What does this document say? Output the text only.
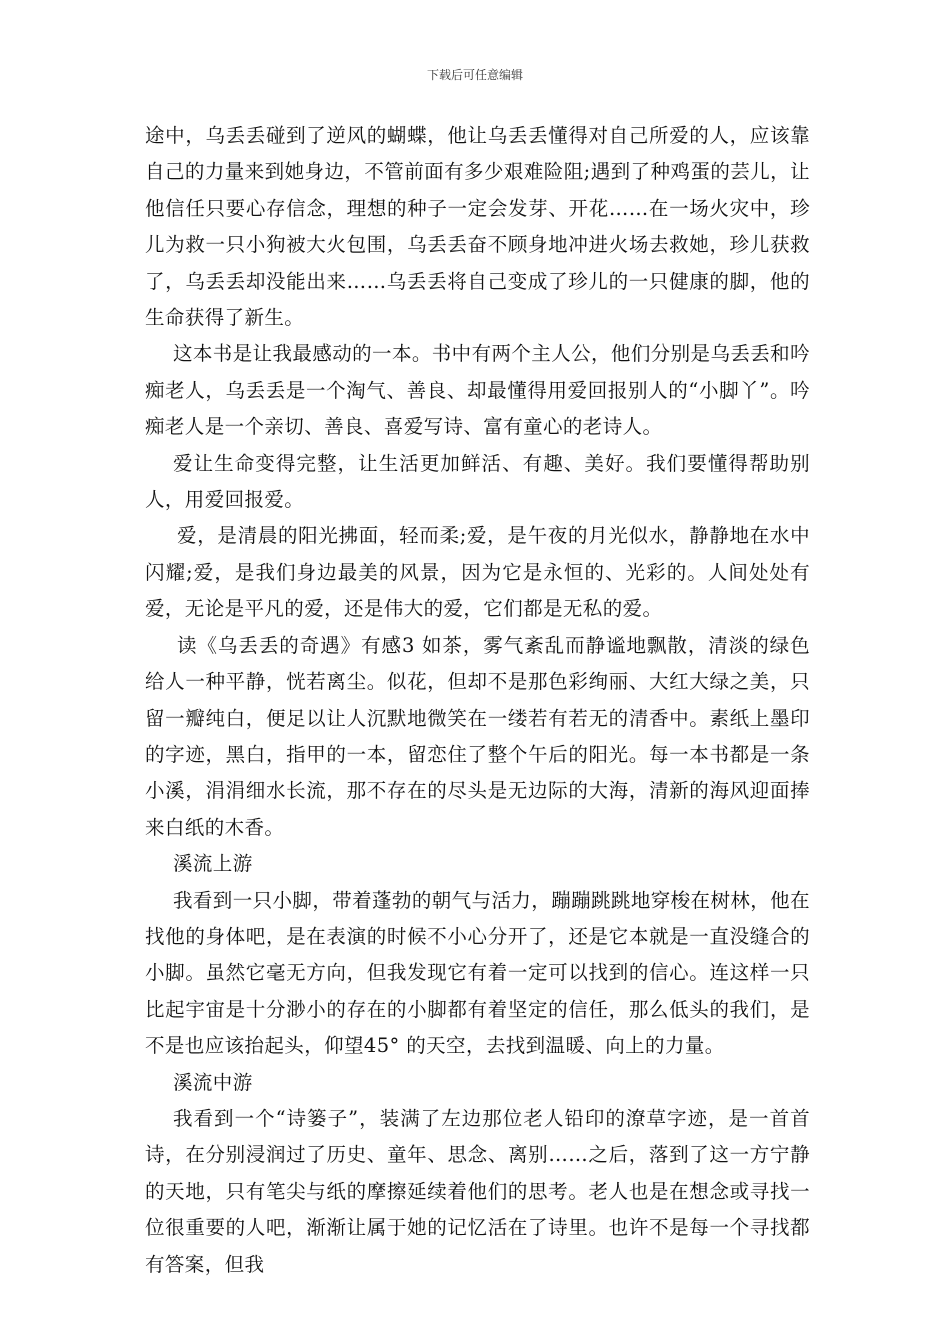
下载后可任意编辑

途中，乌丢丢碰到了逆风的蝴蝶，他让乌丢丢懂得对自己所爱的人，应该靠自己的力量来到她身边，不管前面有多少艰难险阻;遇到了种鸡蛋的芸儿，让他信任只要心存信念，理想的种子一定会发芽、开花……在一场火灾中，珍儿为救一只小狗被大火包围，乌丢丢奋不顾身地冲进火场去救她，珍儿获救了，乌丢丢却没能出来……乌丢丢将自己变成了珍儿的一只健康的脚，他的生命获得了新生。

这本书是让我最感动的一本。书中有两个主人公，他们分别是乌丢丢和吟痴老人，乌丢丢是一个淘气、善良、却最懂得用爱回报别人的“小脚丫”。吟痴老人是一个亲切、善良、喜爱写诗、富有童心的老诗人。

爱让生命变得完整，让生活更加鲜活、有趣、美好。我们要懂得帮助别人，用爱回报爱。

爱，是清晨的阳光拂面，轻而柔;爱，是午夜的月光似水，静静地在水中闪耀;爱，是我们身边最美的风景，因为它是永恒的、光彩的。人间处处有爱，无论是平凡的爱，还是伟大的爱，它们都是无私的爱。

读《乌丢丢的奇遇》有感3 如茶，雾气紊乱而静谧地飘散，清淡的绿色给人一种平静，恍若离尘。似花，但却不是那色彩绚丽、大红大绿之美，只留一瓣纯白，便足以让人沉默地微笑在一缕若有若无的清香中。素纸上墨印的字迹，黑白，指甲的一本，留恋住了整个午后的阳光。每一本书都是一条小溪，涓涓细水长流，那不存在的尽头是无边际的大海，清新的海风迎面捧来白纸的木香。

溪流上游

我看到一只小脚，带着蓬勃的朝气与活力，蹦蹦跳跳地穿梭在树林，他在找他的身体吧，是在表演的时候不小心分开了，还是它本就是一直没缝合的小脚。虽然它毫无方向，但我发现它有着一定可以找到的信心。连这样一只比起宇宙是十分渺小的存在的小脚都有着坚定的信任，那么低头的我们，是不是也应该抬起头，仰望45° 的天空，去找到温暖、向上的力量。

溪流中游

我看到一个“诗篓子”，装满了左边那位老人铅印的潦草字迹，是一首首诗，在分别浸润过了历史、童年、思念、离别……之后，落到了这一方宁静的天地，只有笔尖与纸的摩擦延续着他们的思考。老人也是在想念或寻找一位很重要的人吧，渐渐让属于她的记忆活在了诗里。也许不是每一个寻找都有答案，但我
